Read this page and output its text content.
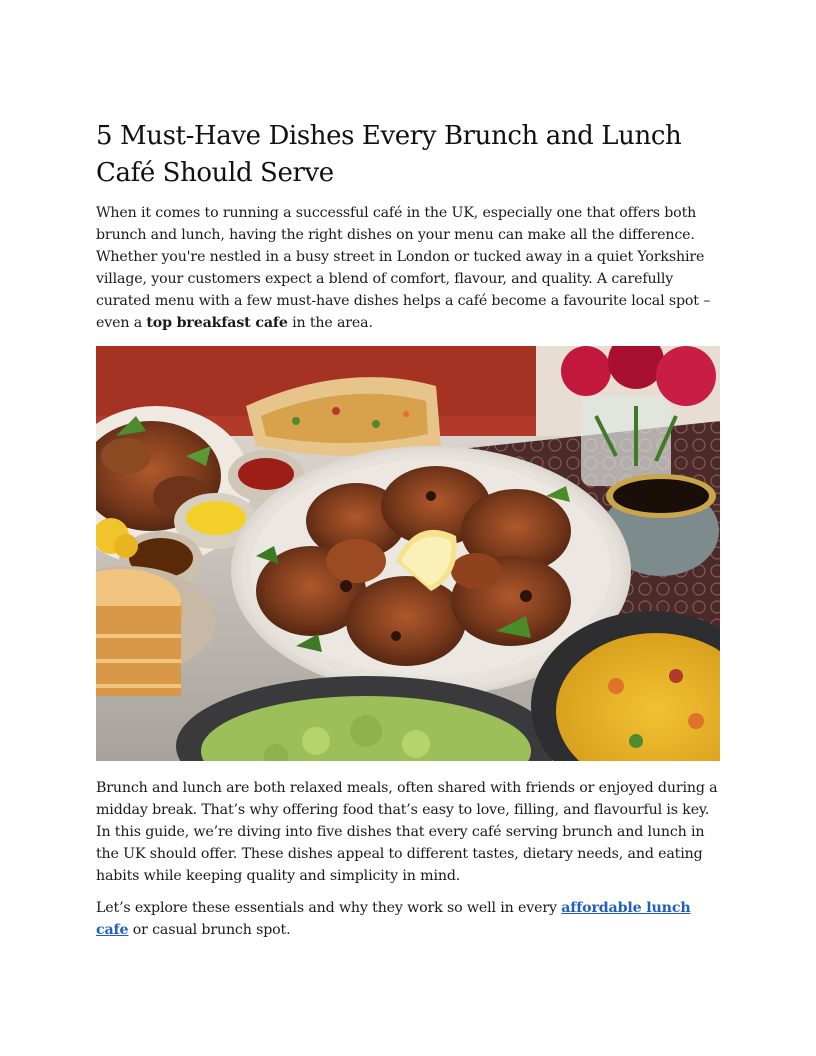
5 Must-Have Dishes Every Brunch and Lunch Café Should Serve

When it comes to running a successful café in the UK, especially one that offers both brunch and lunch, having the right dishes on your menu can make all the difference. Whether you're nestled in a busy street in London or tucked away in a quiet Yorkshire village, your customers expect a blend of comfort, flavour, and quality. A carefully curated menu with a few must-have dishes helps a café become a favourite local spot – even a top breakfast cafe in the area.

Brunch and lunch are both relaxed meals, often shared with friends or enjoyed during a midday break. That’s why offering food that’s easy to love, filling, and flavourful is key. In this guide, we’re diving into five dishes that every café serving brunch and lunch in the UK should offer. These dishes appeal to different tastes, dietary needs, and eating habits while keeping quality and simplicity in mind.

Let’s explore these essentials and why they work so well in every affordable lunch cafe or casual brunch spot.
